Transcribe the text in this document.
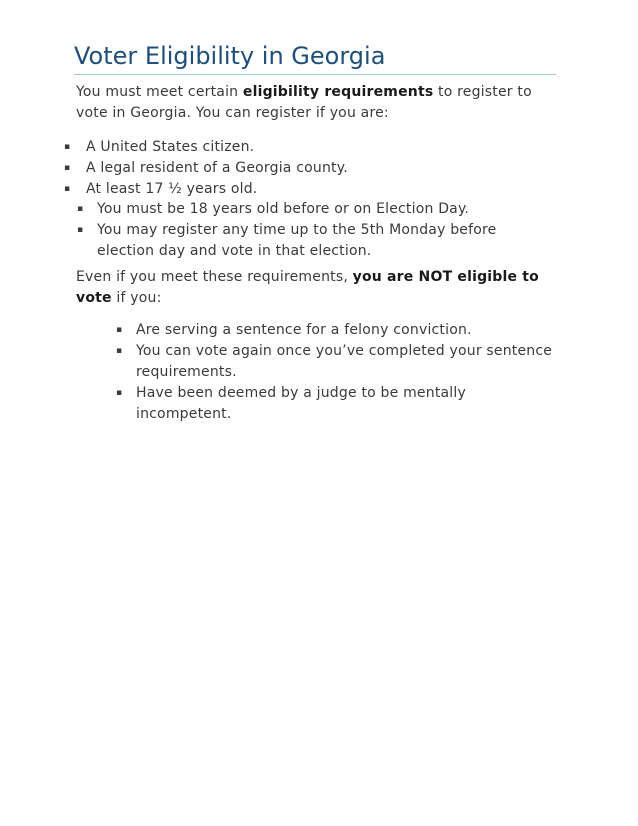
Voter Eligibility in Georgia

You must meet certain eligibility requirements to register to vote in Georgia. You can register if you are:

▪ A United States citizen.
▪ A legal resident of a Georgia county.
▪ At least 17 ½ years old.
▪ You must be 18 years old before or on Election Day.
▪ You may register any time up to the 5th Monday before election day and vote in that election.

Even if you meet these requirements, you are NOT eligible to vote if you:

▪ Are serving a sentence for a felony conviction.
▪ You can vote again once you’ve completed your sentence requirements.
▪ Have been deemed by a judge to be mentally incompetent.
